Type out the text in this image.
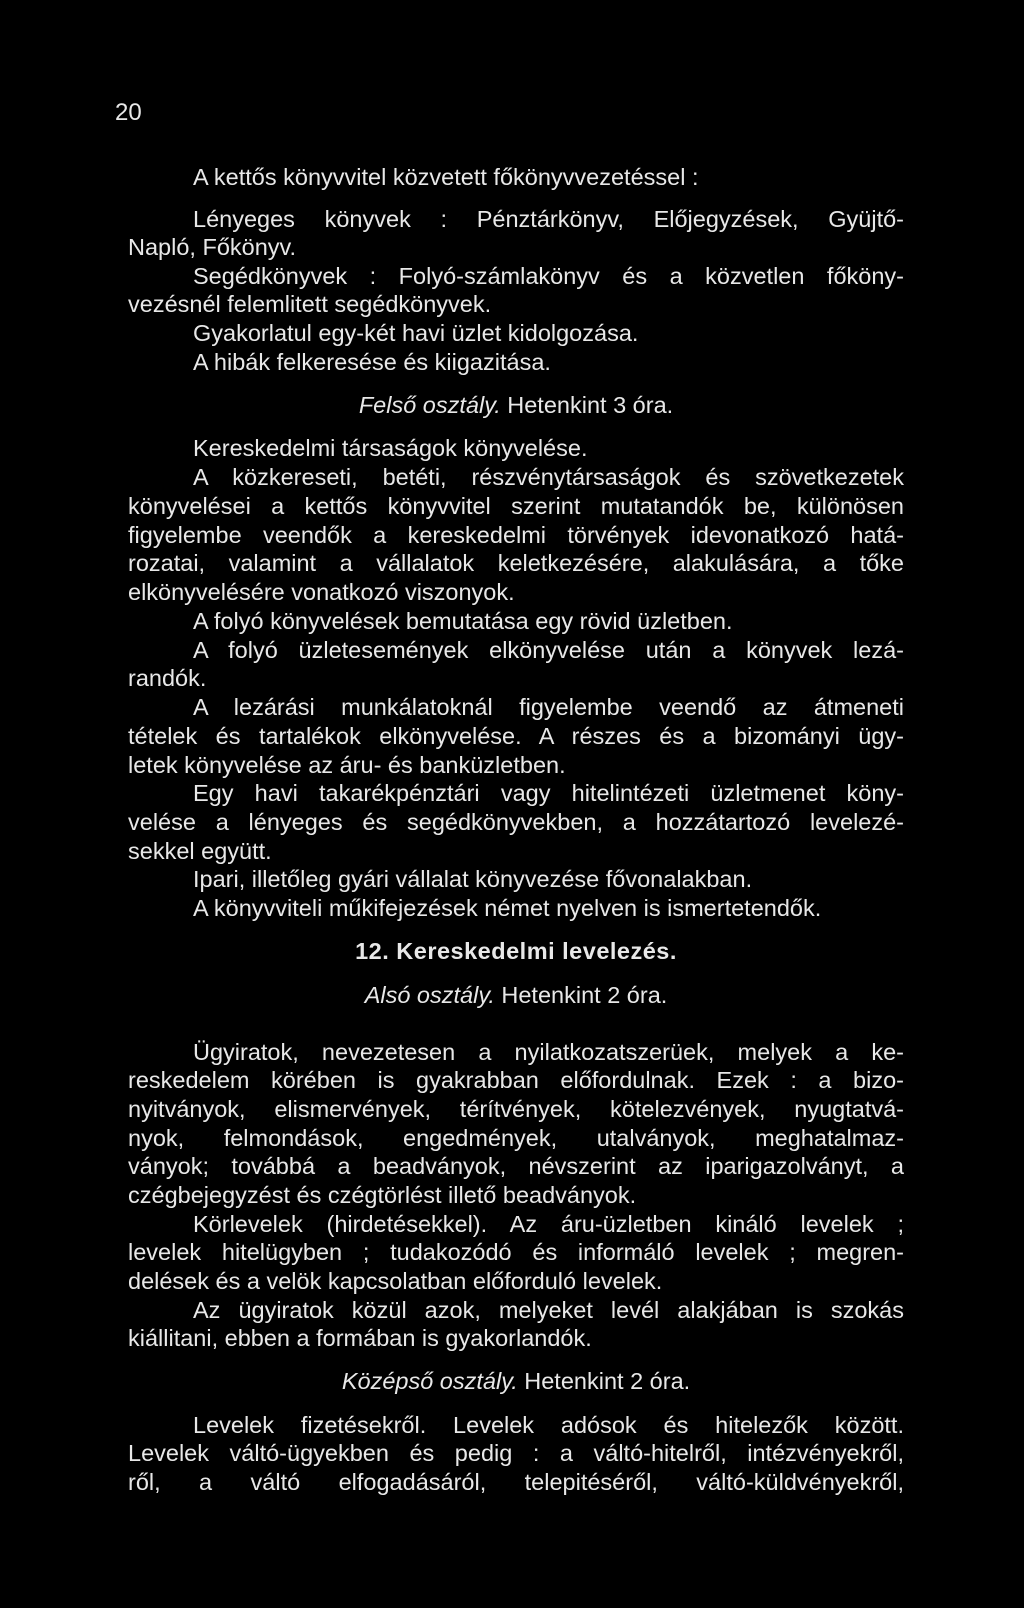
20
A kettős könyvvitel közvetett főkönyvvezetéssel :
Lényeges könyvek : Pénztárkönyv, Előjegyzések, Gyüjtő-
Napló, Főkönyv.
Segédkönyvek : Folyó-számlakönyv és a közvetlen főköny-
vezésnél felemlitett segédkönyvek.
Gyakorlatul egy-két havi üzlet kidolgozása.
A hibák felkeresése és kiigazitása.
Kereskedelmi társaságok könyvelése.
A közkereseti, betéti, részvénytársaságok és szövetkezetek
könyvelései a kettős könyvvitel szerint mutatandók be, különösen
figyelembe veendők a kereskedelmi törvények idevonatkozó hatá-
rozatai, valamint a vállalatok keletkezésére, alakulására, a tőke
elkönyvelésére vonatkozó viszonyok.
A folyó könyvelések bemutatása egy rövid üzletben.
A folyó üzletesemények elkönyvelése után a könyvek lezá-
randók.
A lezárási munkálatoknál figyelembe veendő az átmeneti
tételek és tartalékok elkönyvelése. A részes és a bizományi ügy-
letek könyvelése az áru- és banküzletben.
Egy havi takarékpénztári vagy hitelintézeti üzletmenet köny-
velése a lényeges és segédkönyvekben, a hozzátartozó levelezé-
sekkel együtt.
Ipari, illetőleg gyári vállalat könyvezése fővonalakban.
A könyvviteli műkifejezések német nyelven is ismertetendők.
Ügyiratok, nevezetesen a nyilatkozatszerüek, melyek a ke-
reskedelem körében is gyakrabban előfordulnak. Ezek : a bizo-
nyitványok, elismervények, térítvények, kötelezvények, nyugtatvá-
nyok, felmondások, engedmények, utalványok, meghatalmaz-
ványok; továbbá a beadványok, névszerint az iparigazolványt, a
czégbejegyzést és czégtörlést illető beadványok.
Körlevelek (hirdetésekkel). Az áru-üzletben kináló levelek ;
levelek hitelügyben ; tudakozódó és informáló levelek ; megren-
delések és a velök kapcsolatban előforduló levelek.
Az ügyiratok közül azok, melyeket levél alakjában is szokás
kiállitani, ebben a formában is gyakorlandók.
Levelek fizetésekről. Levelek adósok és hitelezők között.
Levelek váltó-ügyekben és pedig : a váltó-hitelről, intézvényekről,
ről, a váltó elfogadásáról, telepitéséről, váltó-küldvényekről,
12. Kereskedelmi levelezés.
Felső osztály. Hetenkint 3 óra.
Alsó osztály. Hetenkint 2 óra.
Középső osztály. Hetenkint 2 óra.
